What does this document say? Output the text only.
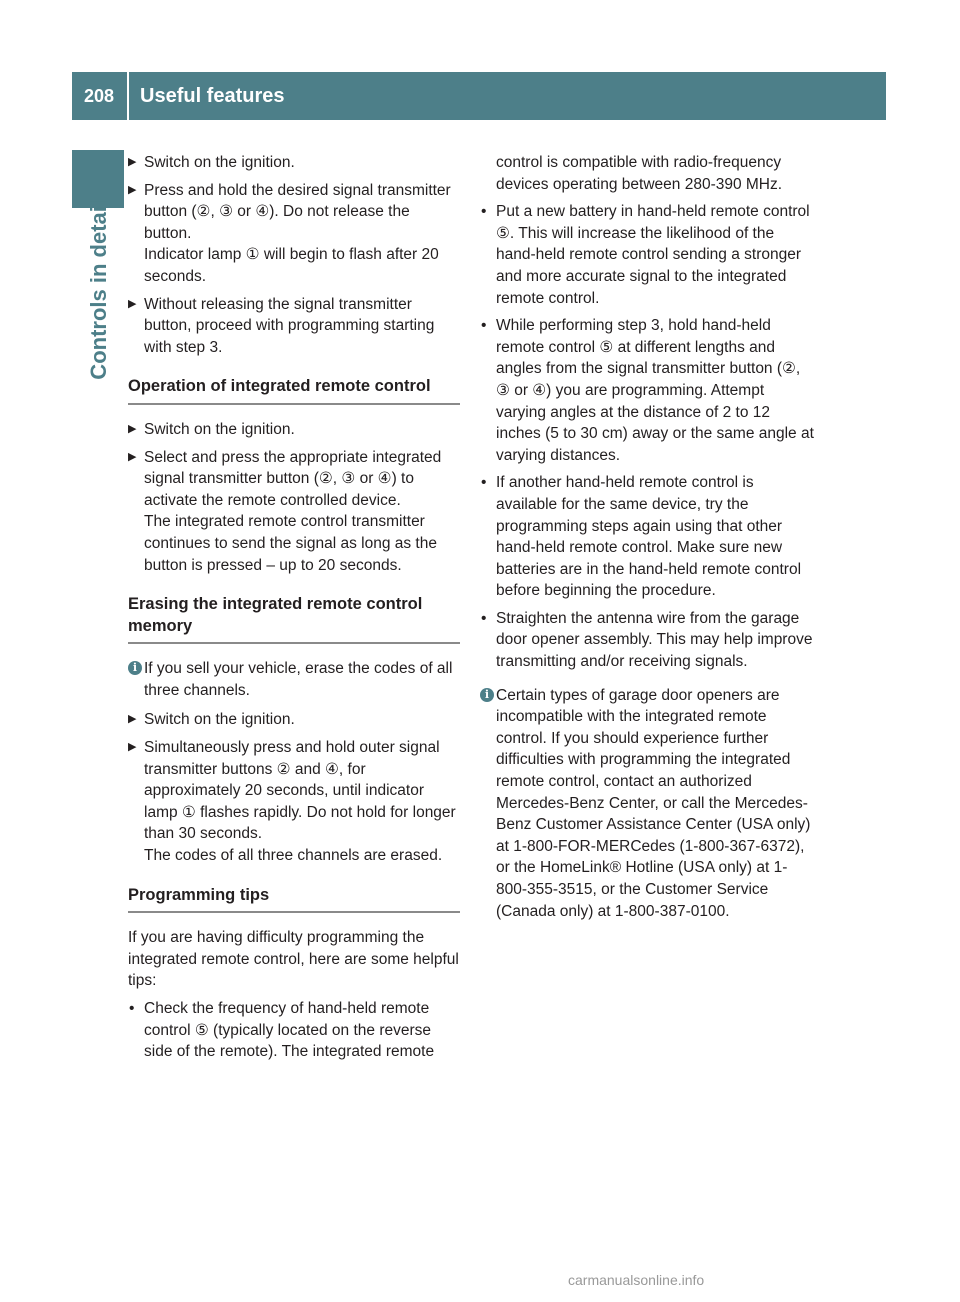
208	Useful features
Controls in detail
▶ Switch on the ignition.
▶ Press and hold the desired signal transmitter button (②, ③ or ④). Do not release the button.
Indicator lamp ① will begin to flash after 20 seconds.
▶ Without releasing the signal transmitter button, proceed with programming starting with step 3.
Operation of integrated remote control
▶ Switch on the ignition.
▶ Select and press the appropriate integrated signal transmitter button (②, ③ or ④) to activate the remote controlled device.
The integrated remote control transmitter continues to send the signal as long as the button is pressed – up to 20 seconds.
Erasing the integrated remote control memory
i If you sell your vehicle, erase the codes of all three channels.
▶ Switch on the ignition.
▶ Simultaneously press and hold outer signal transmitter buttons ② and ④, for approximately 20 seconds, until indicator lamp ① flashes rapidly. Do not hold for longer than 30 seconds.
The codes of all three channels are erased.
Programming tips

If you are having difficulty programming the integrated remote control, here are some helpful tips:

• Check the frequency of hand-held remote control ⑤ (typically located on the reverse side of the remote). The integrated remote

control is compatible with radio-frequency devices operating between 280-390 MHz.

• Put a new battery in hand-held remote control ⑤. This will increase the likelihood of the hand-held remote control sending a stronger and more accurate signal to the integrated remote control.
• While performing step 3, hold hand-held remote control ⑤ at different lengths and angles from the signal transmitter button (②, ③ or ④) you are programming. Attempt varying angles at the distance of 2 to 12 inches (5 to 30 cm) away or the same angle at varying distances.
• If another hand-held remote control is available for the same device, try the programming steps again using that other hand-held remote control. Make sure new batteries are in the hand-held remote control before beginning the procedure.
• Straighten the antenna wire from the garage door opener assembly. This may help improve transmitting and/or receiving signals.
i Certain types of garage door openers are incompatible with the integrated remote control. If you should experience further difficulties with programming the integrated remote control, contact an authorized Mercedes-Benz Center, or call the Mercedes-Benz Customer Assistance Center (USA only) at 1-800-FOR-MERCedes (1-800-367-6372), or the HomeLink® Hotline (USA only) at 1-800-355-3515, or the Customer Service (Canada only) at 1-800-387-0100.
carmanualsonline.info
